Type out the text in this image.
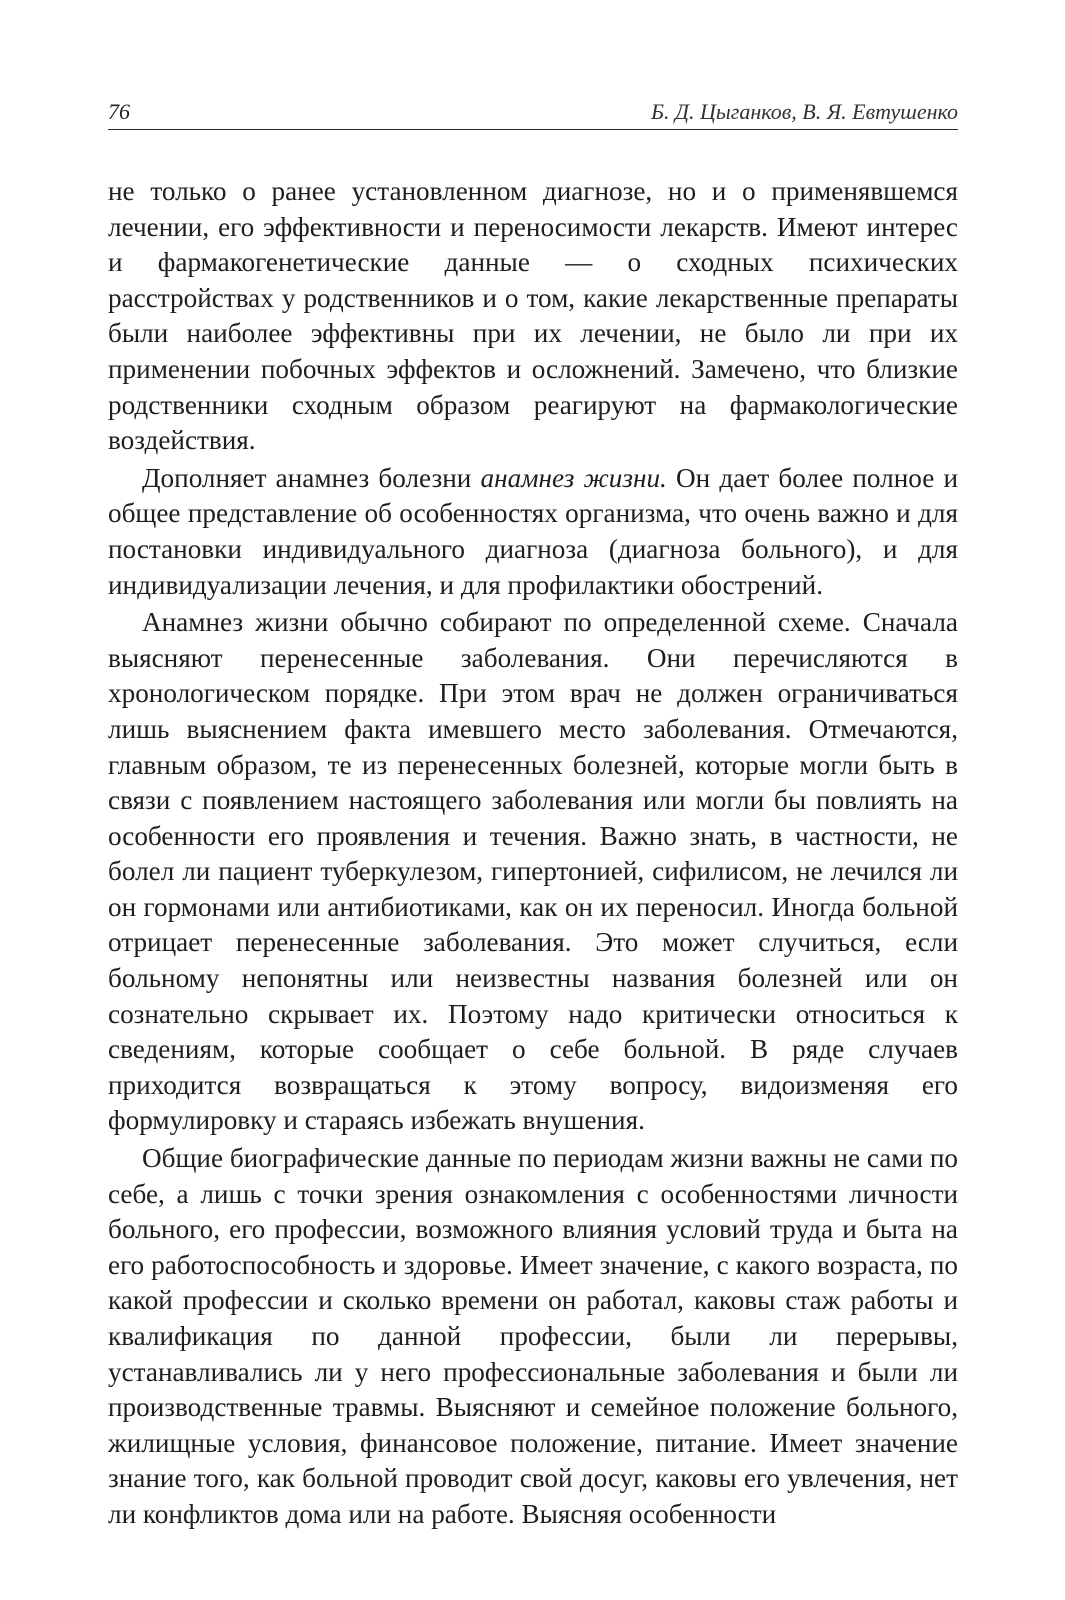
76	Б. Д. Цыганков, В. Я. Евтушенко

не только о ранее установленном диагнозе, но и о применявшемся лечении, его эффективности и переносимости лекарств. Имеют интерес и фармакогенетические данные — о сходных психических расстройствах у родственников и о том, какие лекарственные препараты были наиболее эффективны при их лечении, не было ли при их применении побочных эффектов и осложнений. Замечено, что близкие родственники сходным образом реагируют на фармакологические воздействия.

Дополняет анамнез болезни анамнез жизни. Он дает более полное и общее представление об особенностях организма, что очень важно и для постановки индивидуального диагноза (диагноза больного), и для индивидуализации лечения, и для профилактики обострений.

Анамнез жизни обычно собирают по определенной схеме. Сначала выясняют перенесенные заболевания. Они перечисляются в хронологическом порядке. При этом врач не должен ограничиваться лишь выяснением факта имевшего место заболевания. Отмечаются, главным образом, те из перенесенных болезней, которые могли быть в связи с появлением настоящего заболевания или могли бы повлиять на особенности его проявления и течения. Важно знать, в частности, не болел ли пациент туберкулезом, гипертонией, сифилисом, не лечился ли он гормонами или антибиотиками, как он их переносил. Иногда больной отрицает перенесенные заболевания. Это может случиться, если больному непонятны или неизвестны названия болезней или он сознательно скрывает их. Поэтому надо критически относиться к сведениям, которые сообщает о себе больной. В ряде случаев приходится возвращаться к этому вопросу, видоизменяя его формулировку и стараясь избежать внушения.

Общие биографические данные по периодам жизни важны не сами по себе, а лишь с точки зрения ознакомления с особенностями личности больного, его профессии, возможного влияния условий труда и быта на его работоспособность и здоровье. Имеет значение, с какого возраста, по какой профессии и сколько времени он работал, каковы стаж работы и квалификация по данной профессии, были ли перерывы, устанавливались ли у него профессиональные заболевания и были ли производственные травмы. Выясняют и семейное положение больного, жилищные условия, финансовое положение, питание. Имеет значение знание того, как больной проводит свой досуг, каковы его увлечения, нет ли конфликтов дома или на работе. Выясняя особенности
